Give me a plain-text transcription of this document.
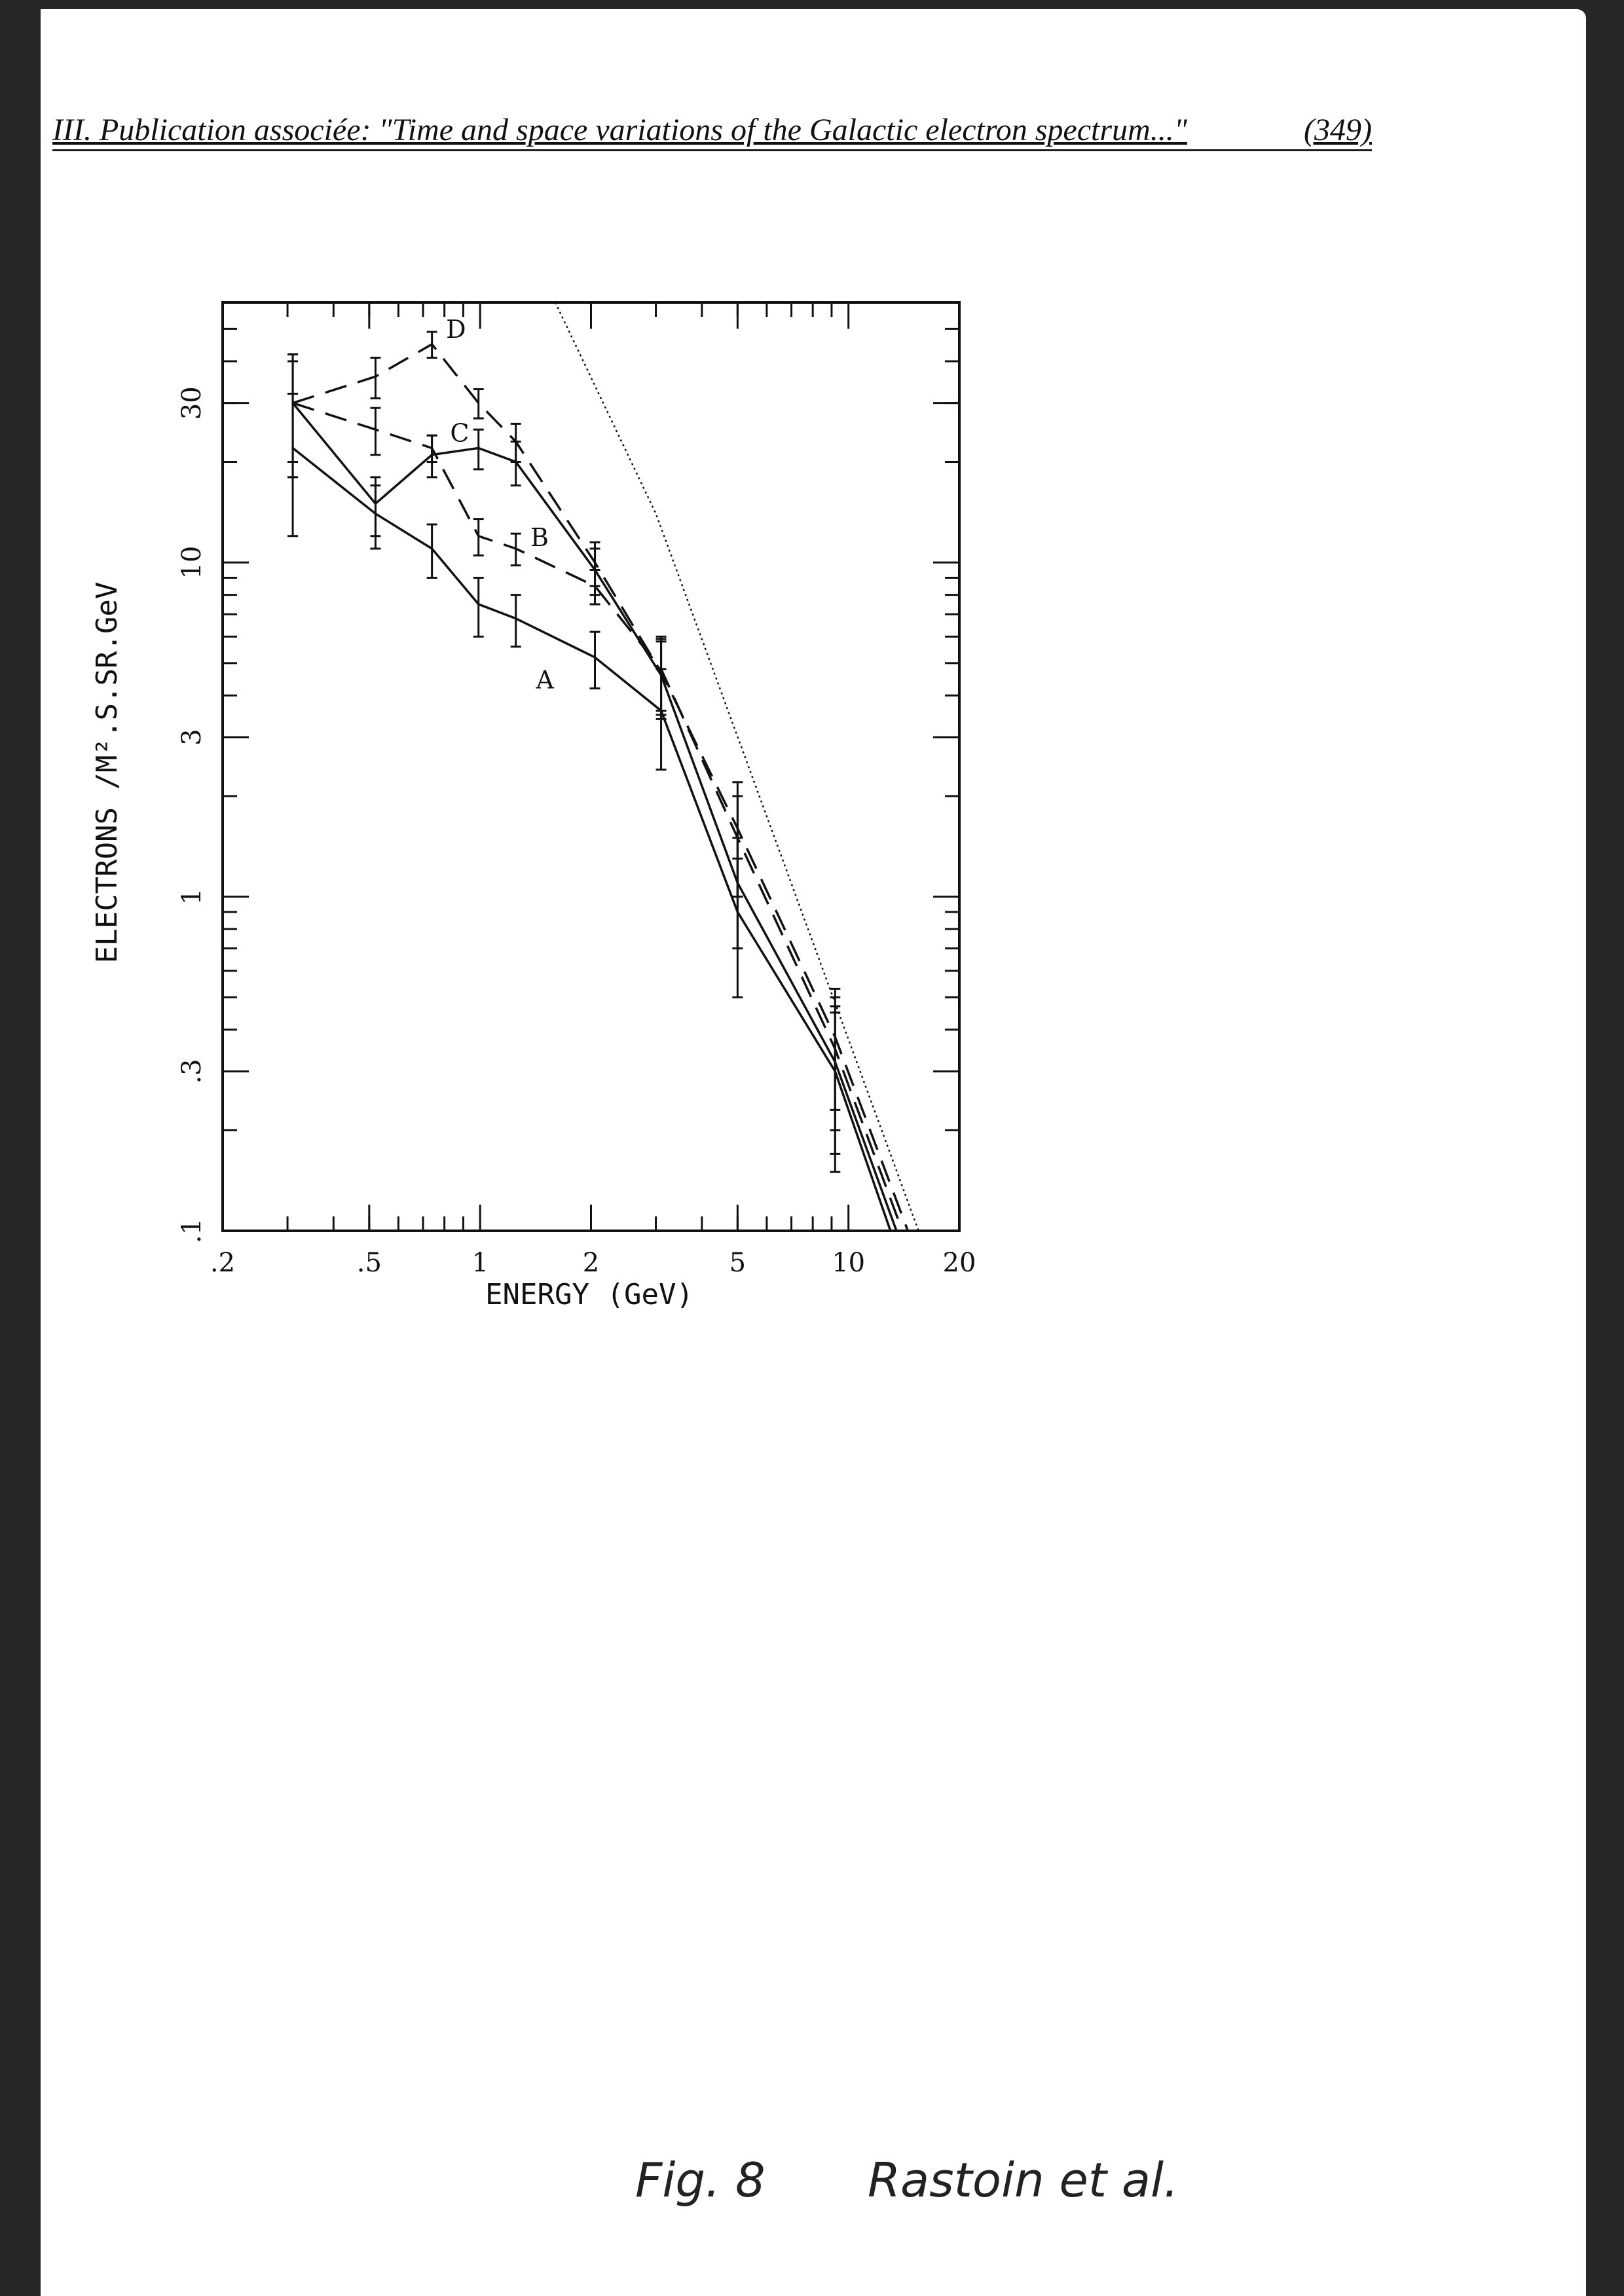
III. Publication associée: "Time and space variations of the Galactic electron spectrum..."	(349)
.2	.5	1	2	5	10	20
.1
.3
1
3
10
30
A
B
C
D
ENERGY (GeV)
ELECTRONS /M².S.SR.GeV
Fig. 8 Rastoin et al.
